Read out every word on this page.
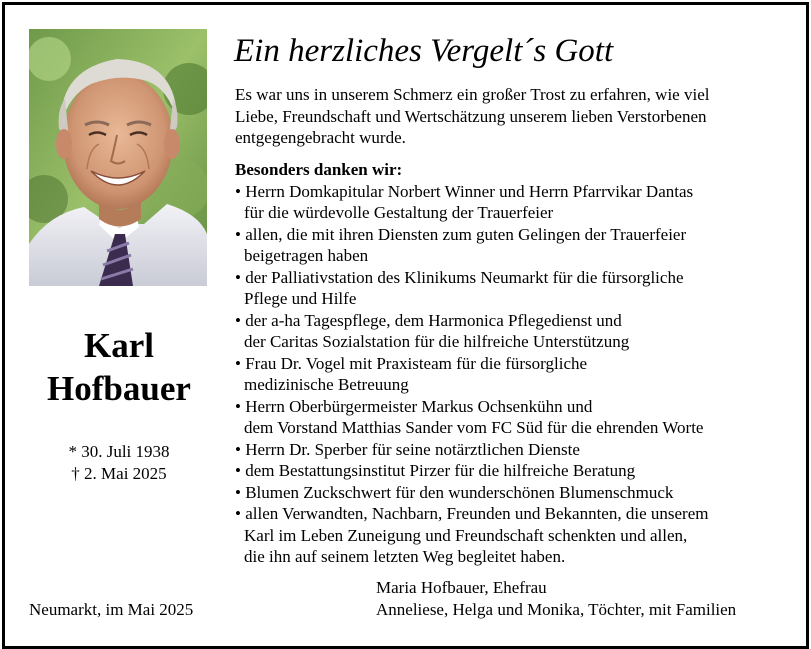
Karl
Hofbauer
* 30. Juli 1938
† 2. Mai 2025
Neumarkt, im Mai 2025
Ein herzliches Vergelt´s Gott
Es war uns in unserem Schmerz ein großer Trost zu erfahren, wie viel
Liebe, Freundschaft und Wertschätzung unserem lieben Verstorbenen
entgegengebracht wurde.
Besonders danken wir:
• Herrn Domkapitular Norbert Winner und Herrn Pfarrvikar Dantas
für die würdevolle Gestaltung der Trauerfeier
• allen, die mit ihren Diensten zum guten Gelingen der Trauerfeier
beigetragen haben
• der Palliativstation des Klinikums Neumarkt für die fürsorgliche
Pflege und Hilfe
• der a-ha Tagespflege, dem Harmonica Pflegedienst und
der Caritas Sozialstation für die hilfreiche Unterstützung
• Frau Dr. Vogel mit Praxisteam für die fürsorgliche
medizinische Betreuung
• Herrn Oberbürgermeister Markus Ochsenkühn und
dem Vorstand Matthias Sander vom FC Süd für die ehrenden Worte
• Herrn Dr. Sperber für seine notärztlichen Dienste
• dem Bestattungsinstitut Pirzer für die hilfreiche Beratung
• Blumen Zuckschwert für den wunderschönen Blumenschmuck
• allen Verwandten, Nachbarn, Freunden und Bekannten, die unserem
Karl im Leben Zuneigung und Freundschaft schenkten und allen,
die ihn auf seinem letzten Weg begleitet haben.
Maria Hofbauer, Ehefrau
Anneliese, Helga und Monika, Töchter, mit Familien
